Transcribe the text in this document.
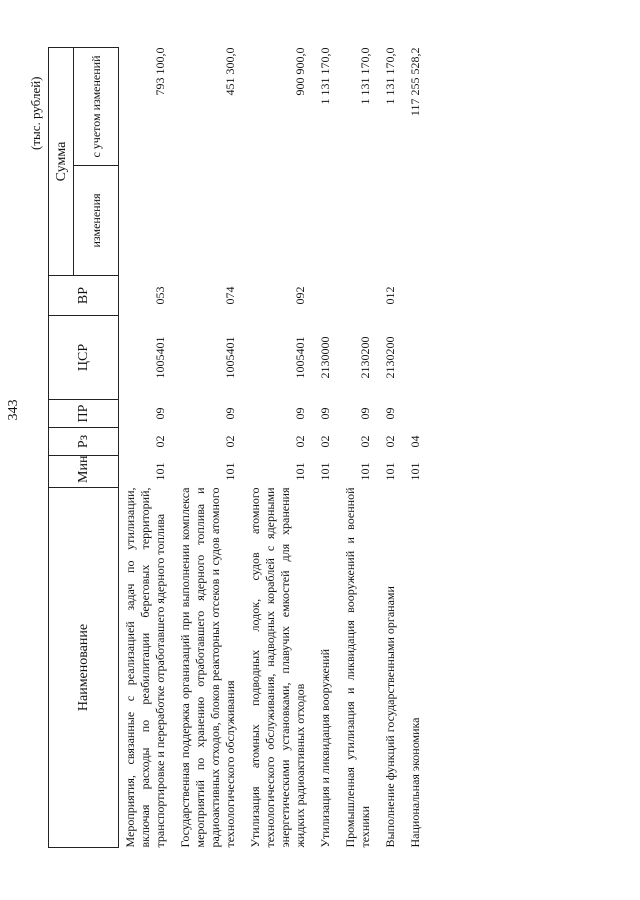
343
(тыс. рублей)
Наименование	Мин	Рз	ПР	ЦСР	ВР	Сумма	
						изменения	с учетом изменений
Мероприятия, связанные с реализацией задач по утилизации, включая расходы по реабилитации береговых территорий, транспортировке и переработке отработавшего ядерного топлива	101	02	09	1005401	053		793 100,0
Государственная поддержка организаций при выполнении комплекса мероприятий по хранению отработавшего ядерного топлива и радиоактивных отходов, блоков реакторных отсеков и судов атомного технологического обслуживания	101	02	09	1005401	074		451 300,0
Утилизация атомных подводных лодок, судов атомного технологического обслуживания, надводных кораблей с ядерными энергетическими установками, плавучих емкостей для хранения жидких радиоактивных отходов	101	02	09	1005401	092		900 900,0
Утилизация и ликвидация вооружений	101	02	09	2130000			1 131 170,0
Промышленная утилизация и ликвидация вооружений и военной техники	101	02	09	2130200			1 131 170,0
Выполнение функций государственными органами	101	02	09	2130200	012		1 131 170,0
Национальная экономика	101	04					117 255 528,2
